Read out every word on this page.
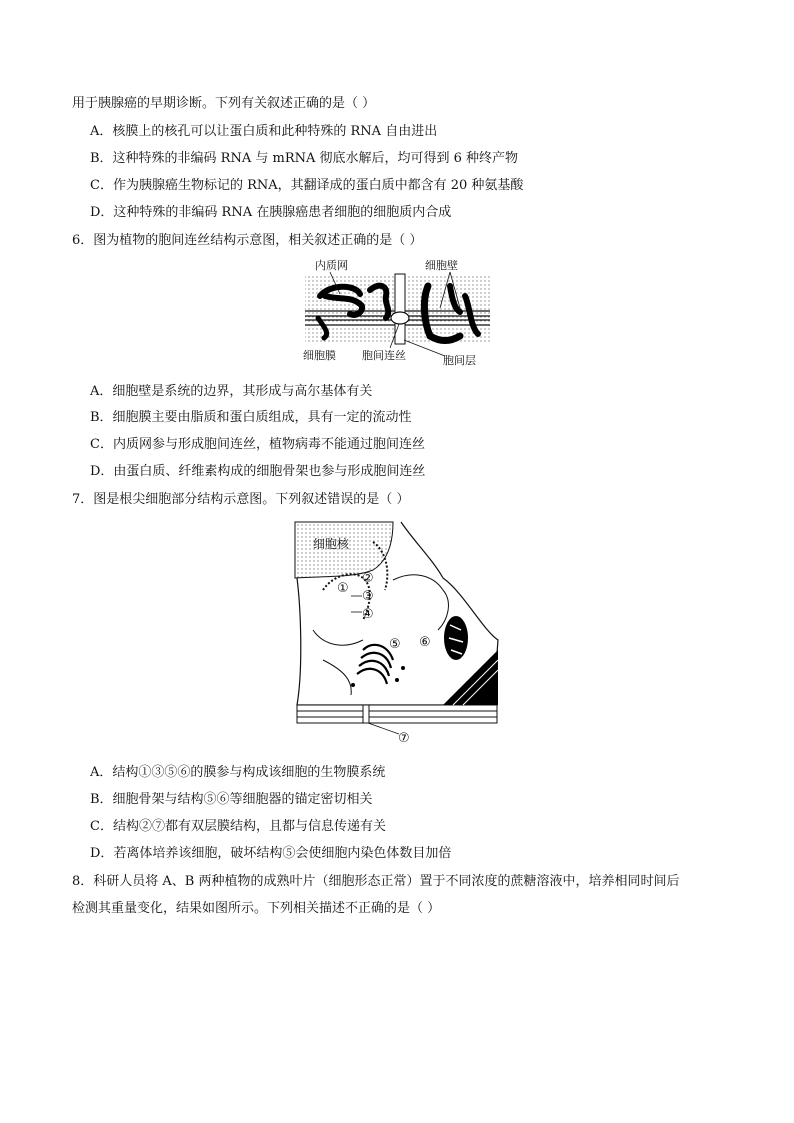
用于胰腺癌的早期诊断。下列有关叙述正确的是（ ）
A．核膜上的核孔可以让蛋白质和此种特殊的 RNA 自由进出
B．这种特殊的非编码 RNA 与 mRNA 彻底水解后，均可得到 6 种终产物
C．作为胰腺癌生物标记的 RNA，其翻译成的蛋白质中都含有 20 种氨基酸
D．这种特殊的非编码 RNA 在胰腺癌患者细胞的细胞质内合成
6．图为植物的胞间连丝结构示意图，相关叙述正确的是（ ）
内质网	细胞壁
细胞膜 胞间连丝	胞间层
A．细胞壁是系统的边界，其形成与高尔基体有关
B．细胞膜主要由脂质和蛋白质组成，具有一定的流动性
C．内质网参与形成胞间连丝，植物病毒不能通过胞间连丝
D．由蛋白质、纤维素构成的细胞骨架也参与形成胞间连丝
7．图是根尖细胞部分结构示意图。下列叙述错误的是（ ）
细胞核
①
②
③
④
⑤ ⑥
⑦
A．结构①③⑤⑥的膜参与构成该细胞的生物膜系统
B．细胞骨架与结构⑤⑥等细胞器的锚定密切相关
C．结构②⑦都有双层膜结构，且都与信息传递有关
D．若离体培养该细胞，破坏结构⑤会使细胞内染色体数目加倍
8．科研人员将 A、B 两种植物的成熟叶片（细胞形态正常）置于不同浓度的蔗糖溶液中，培养相同时间后
检测其重量变化，结果如图所示。下列相关描述不正确的是（ ）
